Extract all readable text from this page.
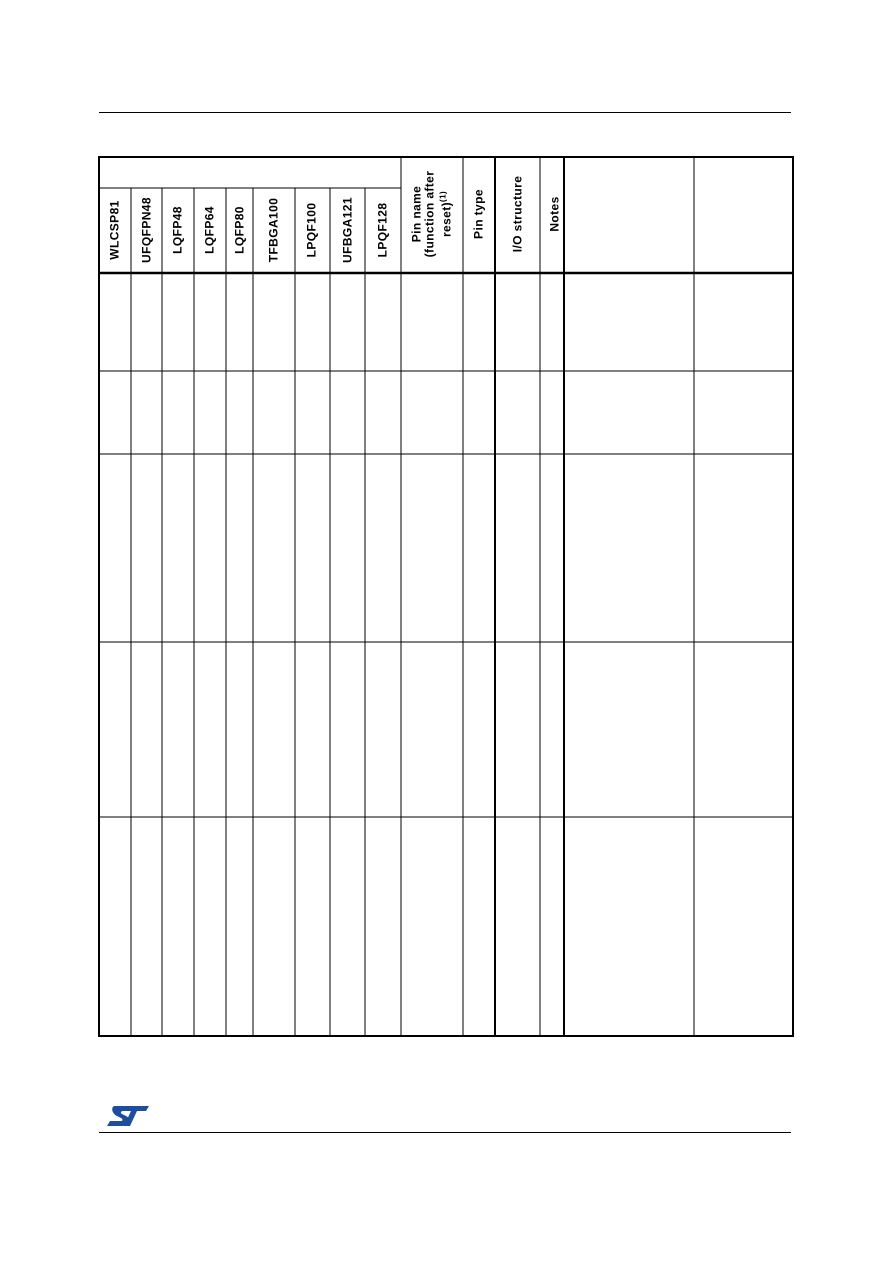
WLCSP81 UFQFPN48 LQFP48 LQFP64 LQFP80 TFBGA100 LPQF100 UFBGA121 LPQF128 Pin name (function after reset)$^{(1)}$	Pin type I/O structure Notes
